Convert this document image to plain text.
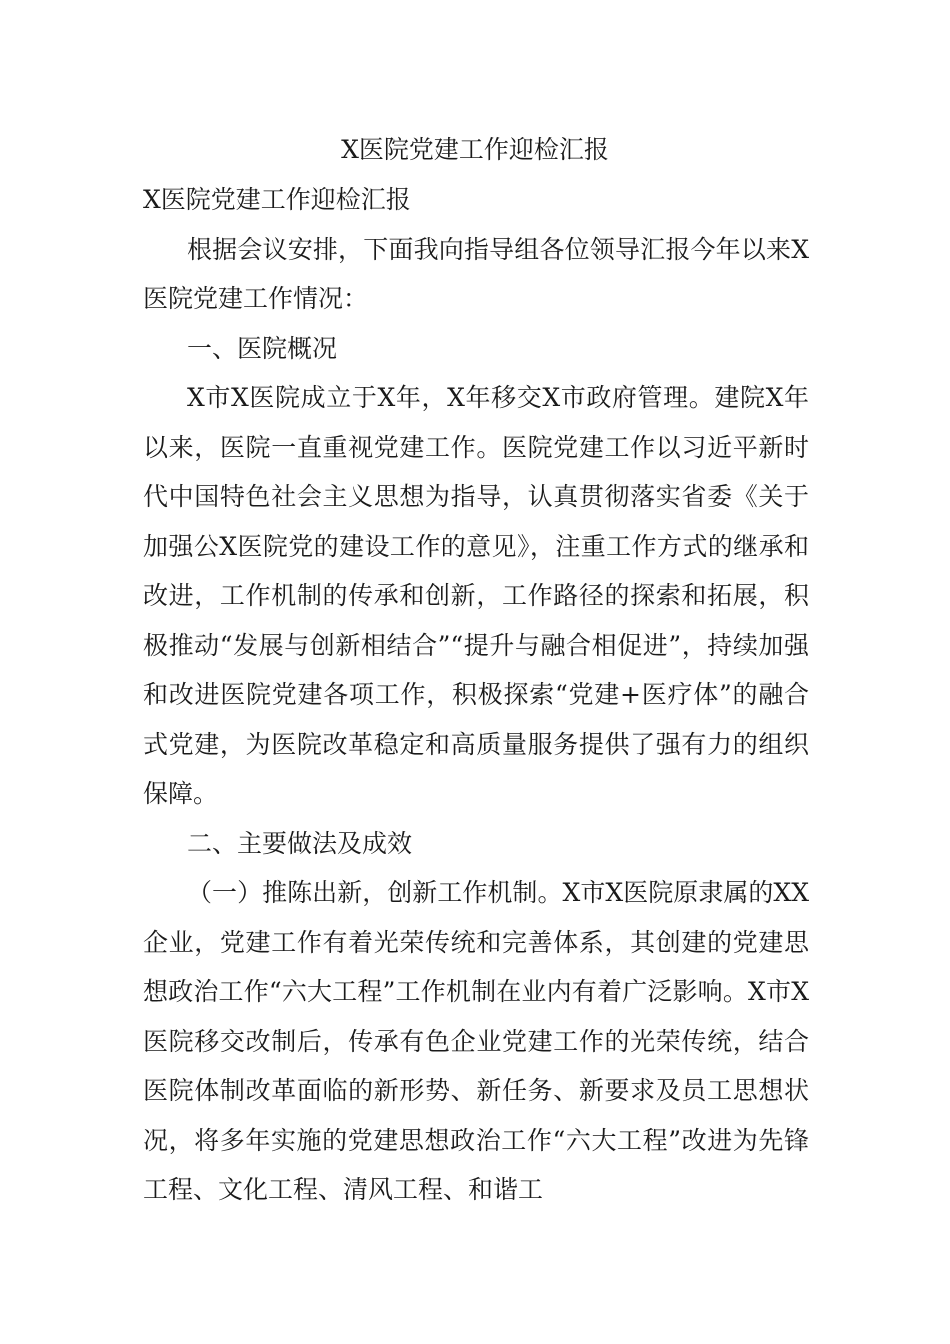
X医院党建工作迎检汇报

X医院党建工作迎检汇报

根据会议安排，下面我向指导组各位领导汇报今年以来X医院党建工作情况：

一、医院概况

X市X医院成立于X年，X年移交X市政府管理。建院X年以来，医院一直重视党建工作。医院党建工作以习近平新时代中国特色社会主义思想为指导，认真贯彻落实省委《关于加强公X医院党的建设工作的意见》，注重工作方式的继承和改进，工作机制的传承和创新，工作路径的探索和拓展，积极推动“发展与创新相结合”“提升与融合相促进”，持续加强和改进医院党建各项工作，积极探索“党建+医疗体”的融合式党建，为医院改革稳定和高质量服务提供了强有力的组织保障。

二、主要做法及成效

（一）推陈出新，创新工作机制。X市X医院原隶属的XX企业，党建工作有着光荣传统和完善体系，其创建的党建思想政治工作“六大工程”工作机制在业内有着广泛影响。X市X医院移交改制后，传承有色企业党建工作的光荣传统，结合医院体制改革面临的新形势、新任务、新要求及员工思想状况，将多年实施的党建思想政治工作“六大工程”改进为先锋工程、文化工程、清风工程、和谐工
